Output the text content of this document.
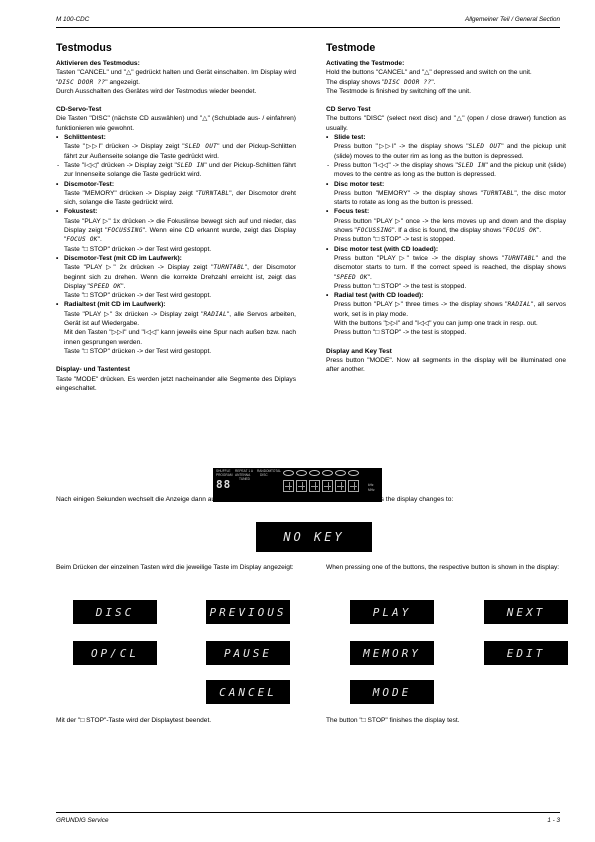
M 100-CDC	Allgemeiner Teil / General Section
Testmodus
Aktivieren des Testmodus:
Tasten "CANCEL" und "△" gedrückt halten und Gerät einschalten. Im Display wird "DISC DOOR ??" angezeigt.
Durch Ausschalten des Gerätes wird der Testmodus wieder beendet.
CD-Servo-Test
Die Tasten "DISC" (nächste CD auswählen) und "△" (Schublade aus- / einfahren) funktionieren wie gewohnt.
• Schlittentest:
Taste "▷▷I" drücken -> Display zeigt "SLED OUT" und der Pickup-Schlitten fährt zur Außenseite solange die Taste gedrückt wird.
- Taste "I◁◁" drücken -> Display zeigt "SLED IN" und der Pickup-Schlitten fährt zur Innenseite solange die Taste gedrückt wird.
• Discmotor-Test:
Taste "MEMORY" drücken -> Display zeigt "TURNTABL", der Discmotor dreht sich, solange die Taste gedrückt wird.
• Fokustest:
Taste "PLAY ▷" 1x drücken -> die Fokuslinse bewegt sich auf und nieder, das Display zeigt "FOCUSSING". Wenn eine CD erkannt wurde, zeigt das Display "FOCUS OK".
Taste "□ STOP" drücken -> der Test wird gestoppt.
• Discmotor-Test (mit CD im Laufwerk):
Taste "PLAY ▷" 2x drücken -> Display zeigt "TURNTABL", der Discmotor beginnt sich zu drehen. Wenn die korrekte Drehzahl erreicht ist, zeigt das Display "SPEED OK".
Taste "□ STOP" drücken -> der Test wird gestoppt.
• Radialtest (mit CD im Laufwerk):
Taste "PLAY ▷" 3x drücken -> Display zeigt "RADIAL", alle Servos arbeiten, Gerät ist auf Wiedergabe.
Mit den Tasten "▷▷I" und "I◁◁" kann jeweils eine Spur nach außen bzw. nach innen gesprungen werden.
Taste "□ STOP" drücken -> der Test wird gestoppt.
Display- und Tastentest
Taste "MODE" drücken. Es werden jetzt nacheinander alle Segmente des Diplays eingeschaltet.
Testmode
Activating the Testmode:
Hold the buttons "CANCEL" and "△" depressed and switch on the unit.
The display shows "DISC DOOR ??".
The Testmode is finished by switching off the unit.
CD Servo Test
The buttons "DISC" (select next disc) and "△" (open / close drawer) function as usually.
• Slide test:
Press button "▷▷I" -> the display shows "SLED OUT" and the pickup unit (slide) moves to the outer rim as long as the button is depressed.
- Press button "I◁◁" -> the display shows "SLED IN" and the pickup unit (slide) moves to the centre as long as the button is depressed.
• Disc motor test:
Press button "MEMORY" -> the display shows "TURNTABL", the disc motor starts to rotate as long as the button is pressed.
• Focus test:
Press button "PLAY ▷" once -> the lens moves up and down and the display shows "FOCUSSING". If a disc is found, the display shows "FOCUS OK".
Press button "□ STOP" -> test is stopped.
• Disc motor test (with CD loaded):
Press button "PLAY ▷" twice -> the display shows "TURNTABL" and the discmotor starts to turn. If the correct speed is reached, the display shows "SPEED OK".
Press button "□ STOP" -> the test is stopped.
• Radial test (with CD loaded):
Press button "PLAY ▷" three times -> the display shows "RADIAL", all servos work, set is in play mode.
With the buttons "▷▷I" and "I◁◁" you can jump one track in resp. out.
Press button "□ STOP" -> the test is stopped.
Display and Key Test
Press button "MODE". Now all segments in the display will be illuminated one after another.
SHUFFLE
PROGRAM
REPEAT 1 A
ANTENNA
TUNED
RANDOM
DISC
TOTAL
kHz
MHz
88
Nach einigen Sekunden wechselt die Anzeige dann auf:	After a few seconds the display changes to:
NO KEY
Beim Drücken der einzelnen Tasten wird die jeweilige Taste im Display angezeigt:	When pressing one of the buttons, the respective button is shown in the display:
DISC	PREVIOUS	PLAY	NEXT
OP/CL	PAUSE	MEMORY	EDIT
CANCEL	MODE
Mit der "□ STOP"-Taste wird der Displaytest beendet.	The button "□ STOP" finishes the display test.
GRUNDIG Service	1 - 3
